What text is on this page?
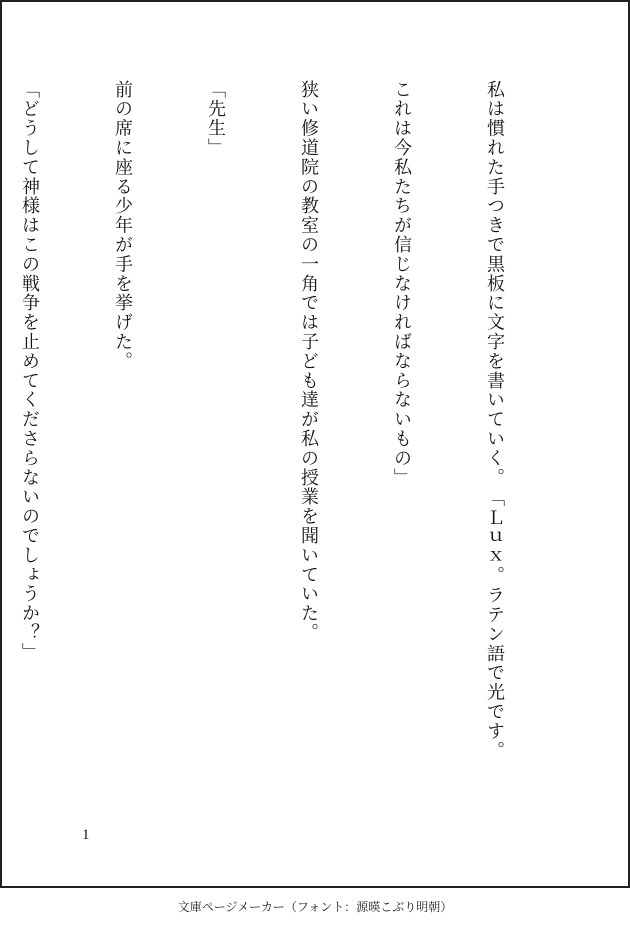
私は慣れた手つきで黒板に文字を書いていく。　「Ｌｕｘ。ラテン語で光です。

これは今私たちが信じなければならないもの」

狭い修道院の教室の一角では子ども達が私の授業を聞いていた。

「先生」

前の席に座る少年が手を挙げた。

「どうして神様はこの戦争を止めてくださらないのでしょうか？」

1
文庫ページメーカー（フォント：源暎こぶり明朝）
